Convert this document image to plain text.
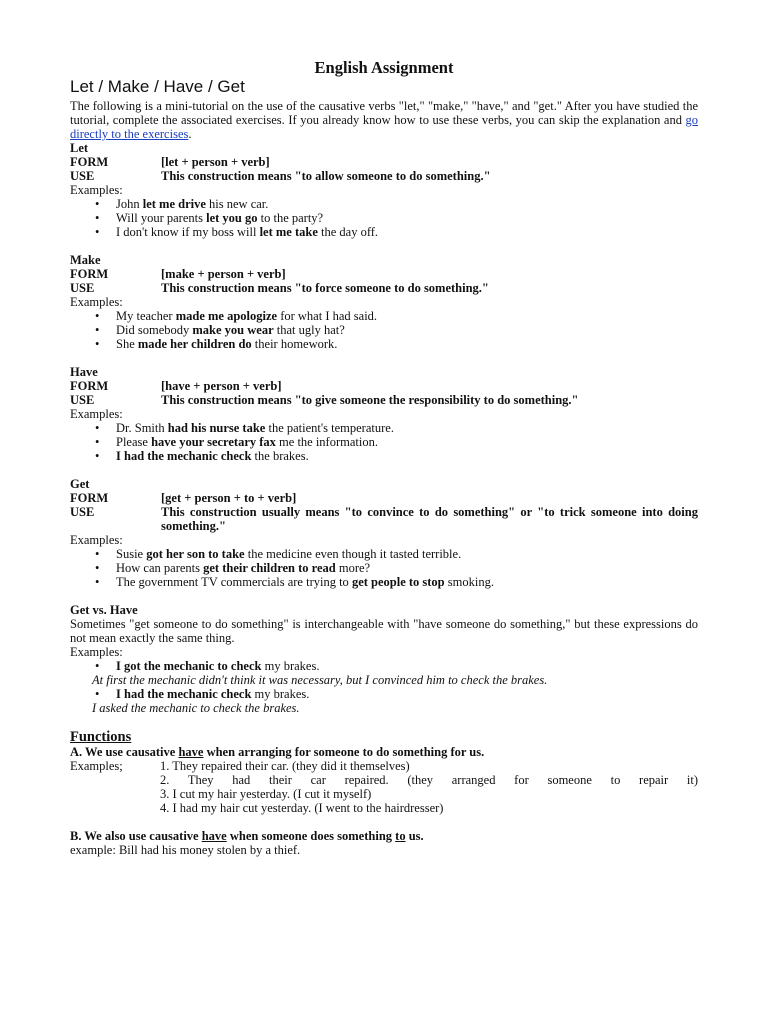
English Assignment
Let / Make / Have / Get

The following is a mini-tutorial on the use of the causative verbs "let," "make," "have," and "get." After you have studied the tutorial, complete the associated exercises. If you already know how to use these verbs, you can skip the explanation and go directly to the exercises.

Let
FORM	[let + person + verb]
USE	This construction means "to allow someone to do something."
Examples:
• John let me drive his new car.
• Will your parents let you go to the party?
• I don't know if my boss will let me take the day off.
Make
FORM	[make + person + verb]
USE	This construction means "to force someone to do something."
Examples:
• My teacher made me apologize for what I had said.
• Did somebody make you wear that ugly hat?
• She made her children do their homework.
Have
FORM	[have + person + verb]
USE	This construction means "to give someone the responsibility to do something."
Examples:
• Dr. Smith had his nurse take the patient's temperature.
• Please have your secretary fax me the information.
• I had the mechanic check the brakes.
Get
FORM	[get + person + to + verb]
USE	This construction usually means "to convince to do something" or "to trick someone into doing something."
Examples:
• Susie got her son to take the medicine even though it tasted terrible.
• How can parents get their children to read more?
• The government TV commercials are trying to get people to stop smoking.
Get vs. Have

Sometimes "get someone to do something" is interchangeable with "have someone do something," but these expressions do not mean exactly the same thing.

Examples:
• I got the mechanic to check my brakes.
At first the mechanic didn't think it was necessary, but I convinced him to check the brakes.
• I had the mechanic check my brakes.
I asked the mechanic to check the brakes.
Functions
A. We use causative have when arranging for someone to do something for us.
Examples;	1. They repaired their car. (they did it themselves)
2. They had their car repaired. (they arranged for someone to repair it)
3. I cut my hair yesterday. (I cut it myself)
4. I had my hair cut yesterday. (I went to the hairdresser)
B. We also use causative have when someone does something to us.
example: Bill had his money stolen by a thief.
